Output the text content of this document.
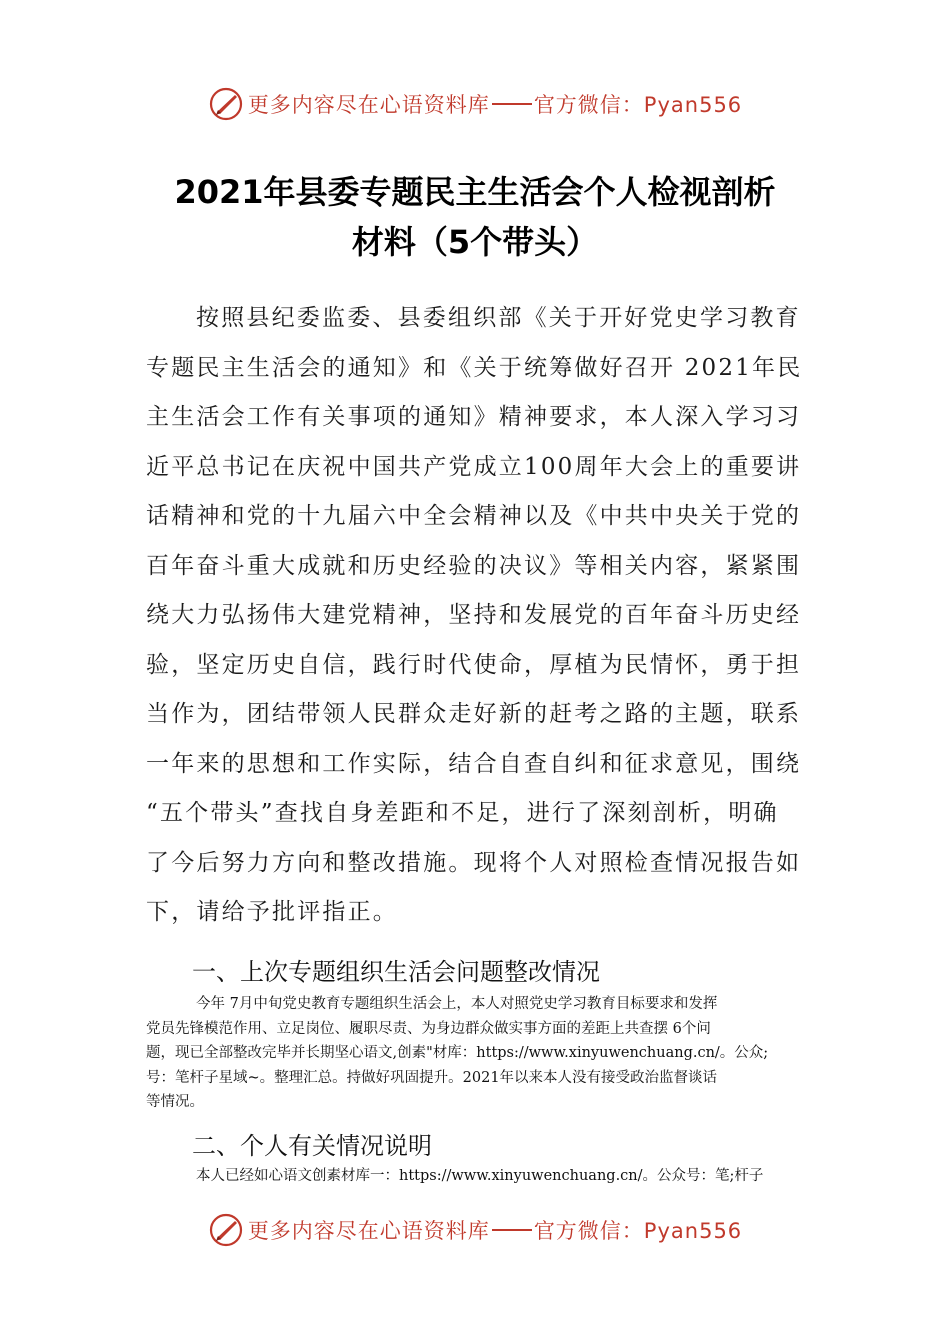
更多内容尽在心语资料库 官方微信：Pyan556
2021年县委专题民主生活会个人检视剖析
材料（5个带头）
按照县纪委监委、县委组织部《关于开好党史学习教育
专题民主生活会的通知》和《关于统筹做好召开 2021年民
主生活会工作有关事项的通知》精神要求，本人深入学习习
近平总书记在庆祝中国共产党成立100周年大会上的重要讲
话精神和党的十九届六中全会精神以及《中共中央关于党的
百年奋斗重大成就和历史经验的决议》等相关内容，紧紧围
绕大力弘扬伟大建党精神，坚持和发展党的百年奋斗历史经
验，坚定历史自信，践行时代使命，厚植为民情怀，勇于担
当作为，团结带领人民群众走好新的赶考之路的主题，联系
一年来的思想和工作实际，结合自查自纠和征求意见，围绕
“五个带头”查找自身差距和不足，进行了深刻剖析，明确
了今后努力方向和整改措施。现将个人对照检查情况报告如
下，请给予批评指正。
一、上次专题组织生活会问题整改情况
今年 7月中旬党史教育专题组织生活会上，本人对照党史学习教育目标要求和发挥
党员先锋模范作用、立足岗位、履职尽责、为身边群众做实事方面的差距上共查摆 6个问
题，现已全部整改完毕并长期坚心语文,创素"材库：https://www.xinyuwenchuang.cn/。公众;
号：笔杆子星域~。整理汇总。持做好巩固提升。2021年以来本人没有接受政治监督谈话
等情况。
二、个人有关情况说明
本人已经如心语文创素材库一：https://www.xinyuwenchuang.cn/。公众号：笔;杆子
更多内容尽在心语资料库 官方微信：Pyan556
